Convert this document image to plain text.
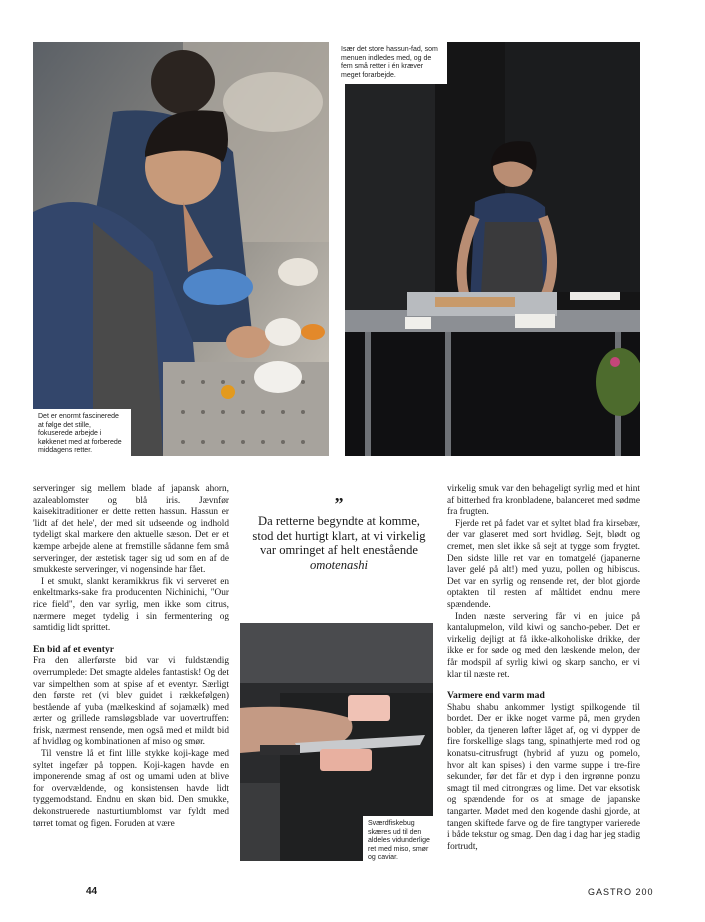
Det er enormt fascinerede at følge det stille, fokuserede arbejde i køkkenet med at forberede middagens retter.
Især det store hassun-fad, som menuen indledes med, og de fem små retter i én kræver meget forarbejde.

serveringer sig mellem blade af japansk ahorn, azaleablomster og blå iris. Jævnfør kaisekitraditioner er dette retten hassun. Hassun er 'lidt af det hele', der med sit udseende og indhold tydeligt skal markere den aktuelle sæson. Det er et kæmpe arbejde alene at fremstille sådanne fem små serveringer, der æstetisk tager sig ud som en af de smukkeste serveringer, vi nogensinde har fået.

I et smukt, slankt keramikkrus fik vi serveret en enkeltmarks-sake fra producenten Nichinichi, "Our rice field", den var syrlig, men ikke som citrus, nærmere meget tydelig i sin fermentering og samtidig lidt sprittet.

En bid af et eventyr

Fra den allerførste bid var vi fuldstændig overrumplede: Det smagte aldeles fantastisk! Og det var simpelthen som at spise af et eventyr. Særligt den første ret (vi blev guidet i rækkefølgen) bestående af yuba (mælkeskind af sojamælk) med ærter og grillede ramsløgsblade var uovertruffen: frisk, nærmest rensende, men også med et mildt bid af hvidløg og kombinationen af miso og smør.

Til venstre lå et fint lille stykke koji-kage med syltet ingefær på toppen. Koji-kagen havde en imponerende smag af ost og umami uden at blive for overvældende, og konsistensen havde lidt tyggemodstand. Endnu en skøn bid. Den smukke, dekonstruerede nasturtiumblomst var fyldt med tørret tomat og figen. Foruden at være

”
Da retterne begyndte at komme, stod det hurtigt klart, at vi virkelig var omringet af helt enestående omotenashi
Sværdfiskebug skæres ud til den aldeles vidunderlige ret med miso, smør og caviar.

virkelig smuk var den behageligt syrlig med et hint af bitterhed fra kronbladene, balanceret med sødme fra frugten.

Fjerde ret på fadet var et syltet blad fra kirsebær, der var glaseret med sort hvidløg. Sejt, blødt og cremet, men slet ikke så sejt at tygge som frygtet. Den sidste lille ret var en tomatgelé (japanerne laver gelé på alt!) med yuzu, pollen og hibiscus. Det var en syrlig og rensende ret, der blot gjorde optakten til resten af måltidet endnu mere spændende.

Inden næste servering får vi en juice på kantalupmelon, vild kiwi og sancho-peber. Det er virkelig dejligt at få ikke-alkoholiske drikke, der ikke er for søde og med den læskende melon, der får modspil af syrlig kiwi og skarp sancho, er vi klar til næste ret.

Varmere end varm mad

Shabu shabu ankommer lystigt spilkogende til bordet. Der er ikke noget varme på, men gryden bobler, da tjeneren løfter låget af, og vi dypper de fire forskellige slags tang, spinathjerte med rod og konatsu-citrusfrugt (hybrid af yuzu og pomelo, hvor alt kan spises) i den varme suppe i tre-fire sekunder, før det får et dyp i den irgrønne ponzu smagt til med citrongræs og lime. Det var eksotisk og spændende for os at smage de japanske tangarter. Mødet med den kogende dashi gjorde, at tangen skiftede farve og de fire tangtyper varierede i både tekstur og smag. Den dag i dag har jeg stadig fortrudt,

44	GASTRO 200
